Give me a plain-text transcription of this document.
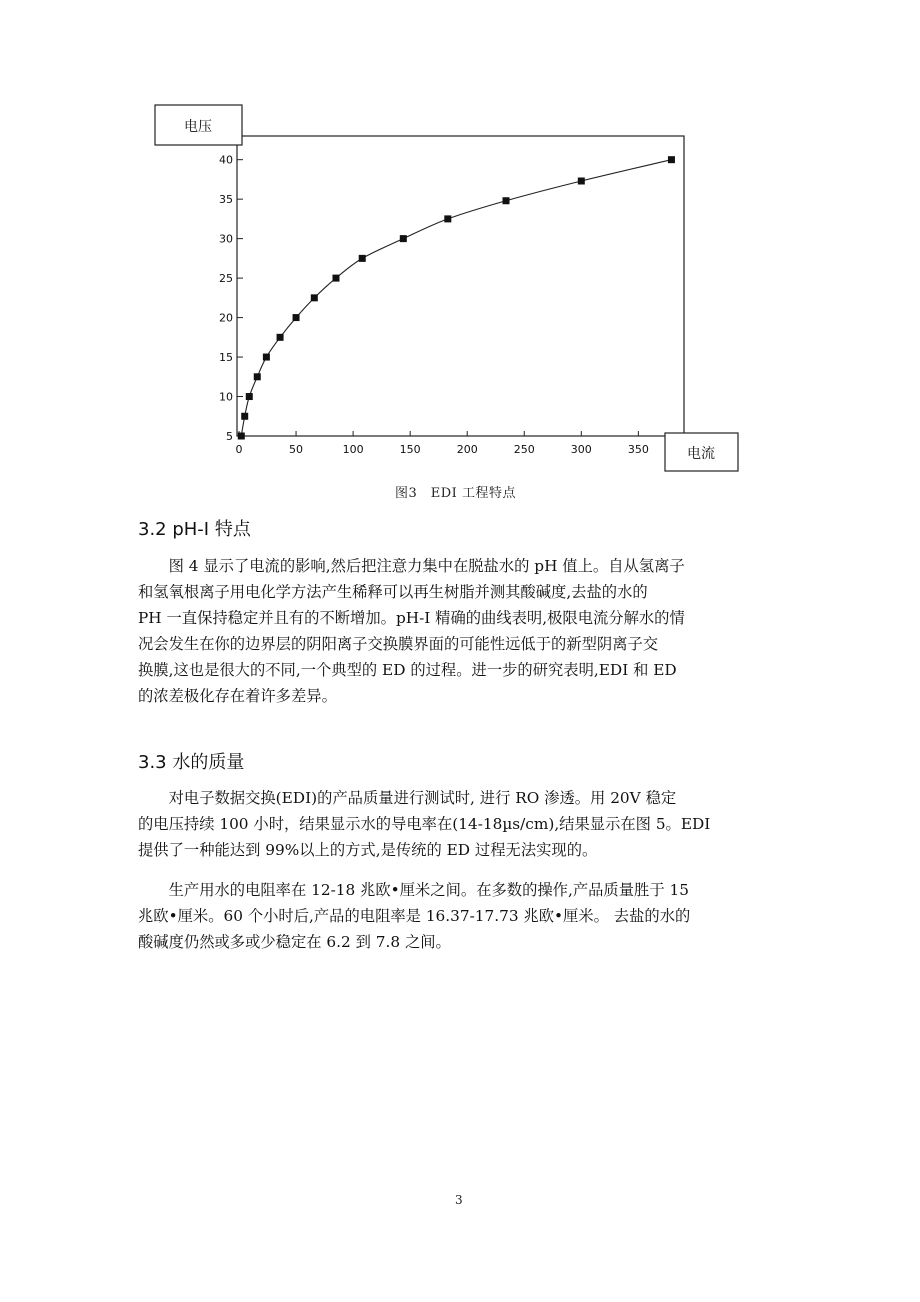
0	50	100	150	200	250	300	350
5
10
15
20
25
30
35
40
电压
电流
图3　EDI 工程特点
3.2 pH-I 特点
　　图 4 显示了电流的影响,然后把注意力集中在脱盐水的 pH 值上。自从氢离子
和氢氧根离子用电化学方法产生稀释可以再生树脂并测其酸碱度,去盐的水的
PH 一直保持稳定并且有的不断增加。pH-I 精确的曲线表明,极限电流分解水的情
况会发生在你的边界层的阴阳离子交换膜界面的可能性远低于的新型阴离子交
换膜,这也是很大的不同,一个典型的 ED 的过程。进一步的研究表明,EDI 和 ED
的浓差极化存在着许多差异。
3.3 水的质量
　　对电子数据交换(EDI)的产品质量进行测试时, 进行 RO 渗透。用 20V 稳定
的电压持续 100 小时，结果显示水的导电率在(14-18µs/cm),结果显示在图 5。EDI
提供了一种能达到 99%以上的方式,是传统的 ED 过程无法实现的。
　　生产用水的电阻率在 12-18 兆欧•厘米之间。在多数的操作,产品质量胜于 15
兆欧•厘米。60 个小时后,产品的电阻率是 16.37-17.73 兆欧•厘米。 去盐的水的
酸碱度仍然或多或少稳定在 6.2 到 7.8 之间。
3
